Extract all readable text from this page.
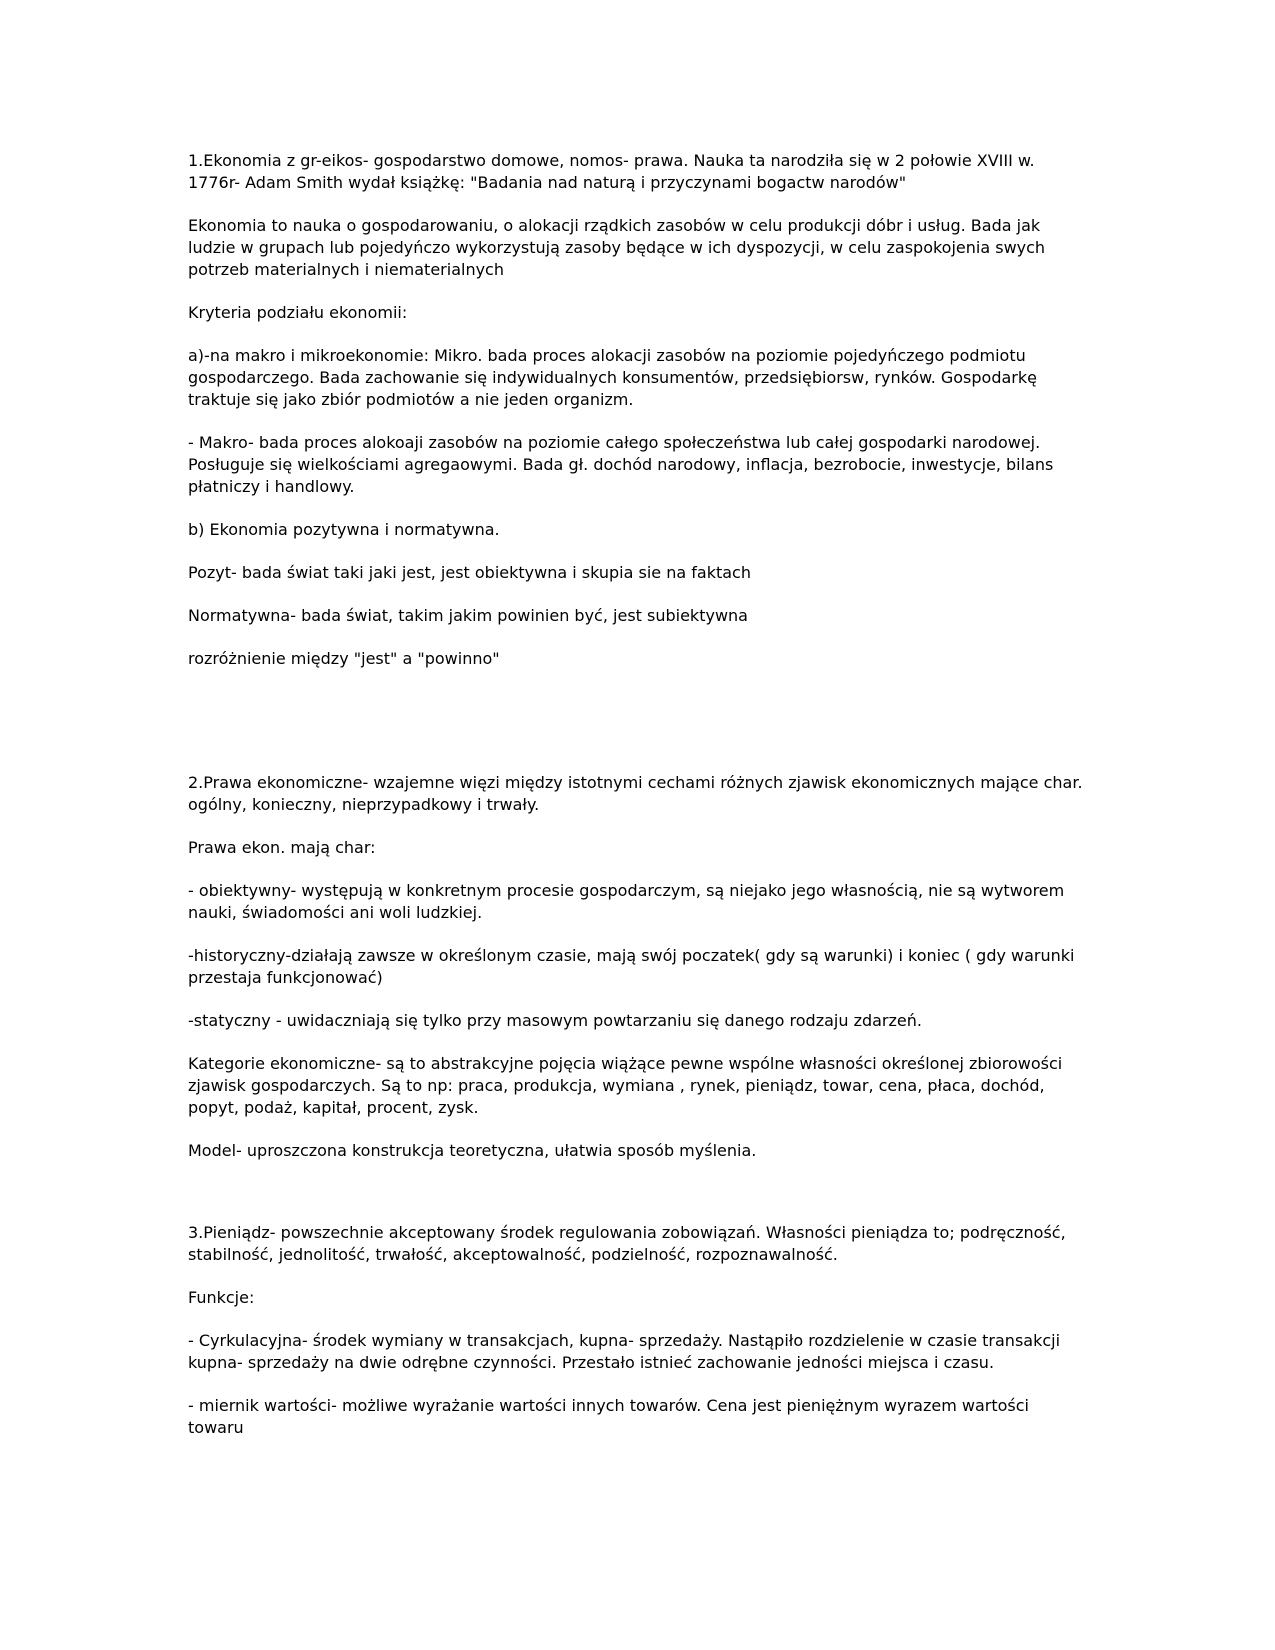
1.Ekonomia z gr-eikos- gospodarstwo domowe, nomos- prawa. Nauka ta narodziła się w 2 połowie XVIII w. 1776r- Adam Smith wydał książkę: "Badania nad naturą i przyczynami bogactw narodów"

Ekonomia to nauka o gospodarowaniu, o alokacji rządkich zasobów w celu produkcji dóbr i usług. Bada jak ludzie w grupach lub pojedyńczo wykorzystują zasoby będące w ich dyspozycji, w celu zaspokojenia swych potrzeb materialnych i niematerialnych

Kryteria podziału ekonomii:

a)-na makro i mikroekonomie: Mikro. bada proces alokacji zasobów na poziomie pojedyńczego podmiotu gospodarczego. Bada zachowanie się indywidualnych konsumentów, przedsiębiorsw, rynków. Gospodarkę traktuje się jako zbiór podmiotów a nie jeden organizm.

- Makro- bada proces alokoaji zasobów na poziomie całego społeczeństwa lub całej gospodarki narodowej. Posługuje się wielkościami agregaowymi. Bada gł. dochód narodowy, inflacja, bezrobocie, inwestycje, bilans płatniczy i handlowy.

b) Ekonomia pozytywna i normatywna.

Pozyt- bada świat taki jaki jest, jest obiektywna i skupia sie na faktach

Normatywna- bada świat, takim jakim powinien być, jest subiektywna

rozróżnienie między "jest" a "powinno"

2.Prawa ekonomiczne- wzajemne więzi między istotnymi cechami różnych zjawisk ekonomicznych mające char. ogólny, konieczny, nieprzypadkowy i trwały.

Prawa ekon. mają char:

- obiektywny- występują w konkretnym procesie gospodarczym, są niejako jego własnością, nie są wytworem nauki, świadomości ani woli ludzkiej.

-historyczny-działają zawsze w określonym czasie, mają swój poczatek( gdy są warunki) i koniec ( gdy warunki przestaja funkcjonować)

-statyczny - uwidaczniają się tylko przy masowym powtarzaniu się danego rodzaju zdarzeń.

Kategorie ekonomiczne- są to abstrakcyjne pojęcia wiążące pewne wspólne własności określonej zbiorowości zjawisk gospodarczych. Są to np: praca, produkcja, wymiana , rynek, pieniądz, towar, cena, płaca, dochód, popyt, podaż, kapitał, procent, zysk.

Model- uproszczona konstrukcja teoretyczna, ułatwia sposób myślenia.

3.Pieniądz- powszechnie akceptowany środek regulowania zobowiązań. Własności pieniądza to; podręczność, stabilność, jednolitość, trwałość, akceptowalność, podzielność, rozpoznawalność.

Funkcje:

- Cyrkulacyjna- środek wymiany w transakcjach, kupna- sprzedaży. Nastąpiło rozdzielenie w czasie transakcji kupna- sprzedaży na dwie odrębne czynności. Przestało istnieć zachowanie jedności miejsca i czasu.

- miernik wartości- możliwe wyrażanie wartości innych towarów. Cena jest pieniężnym wyrazem wartości towaru
